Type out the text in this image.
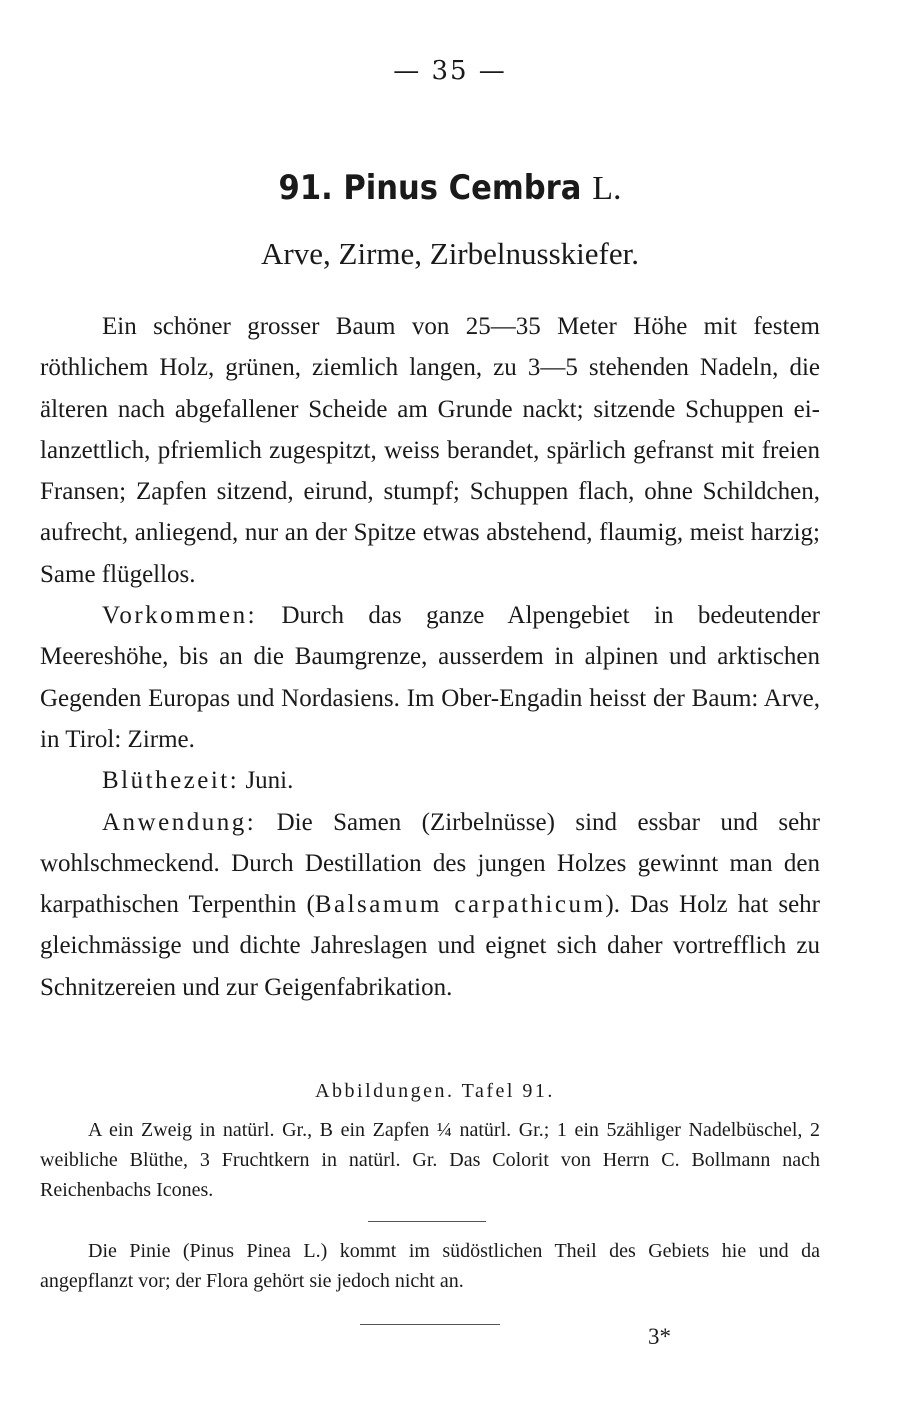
— 35 —
91. Pinus Cembra L.
Arve, Zirme, Zirbelnusskiefer.

Ein schöner grosser Baum von 25—35 Meter Höhe mit festem röthlichem Holz, grünen, ziemlich langen, zu 3—5 stehenden Nadeln, die älteren nach abgefallener Scheide am Grunde nackt; sitzende Schuppen ei-lanzettlich, pfriemlich zugespitzt, weiss berandet, spärlich gefranst mit freien Fransen; Zapfen sitzend, eirund, stumpf; Schuppen flach, ohne Schildchen, aufrecht, anliegend, nur an der Spitze etwas abstehend, flaumig, meist harzig; Same flügellos.

Vorkommen: Durch das ganze Alpengebiet in bedeutender Meereshöhe, bis an die Baumgrenze, ausserdem in alpinen und arktischen Gegenden Europas und Nordasiens. Im Ober-Engadin heisst der Baum: Arve, in Tirol: Zirme.

Blüthezeit: Juni.

Anwendung: Die Samen (Zirbelnüsse) sind essbar und sehr wohlschmeckend. Durch Destillation des jungen Holzes gewinnt man den karpathischen Terpenthin (Balsamum carpathicum). Das Holz hat sehr gleichmässige und dichte Jahreslagen und eignet sich daher vortrefflich zu Schnitzereien und zur Geigenfabrikation.

Abbildungen. Tafel 91.

A ein Zweig in natürl. Gr., B ein Zapfen ¼ natürl. Gr.; 1 ein 5zähliger Nadelbüschel, 2 weibliche Blüthe, 3 Fruchtkern in natürl. Gr. Das Colorit von Herrn C. Bollmann nach Reichenbachs Icones.

Die Pinie (Pinus Pinea L.) kommt im südöstlichen Theil des Gebiets hie und da angepflanzt vor; der Flora gehört sie jedoch nicht an.

3*
